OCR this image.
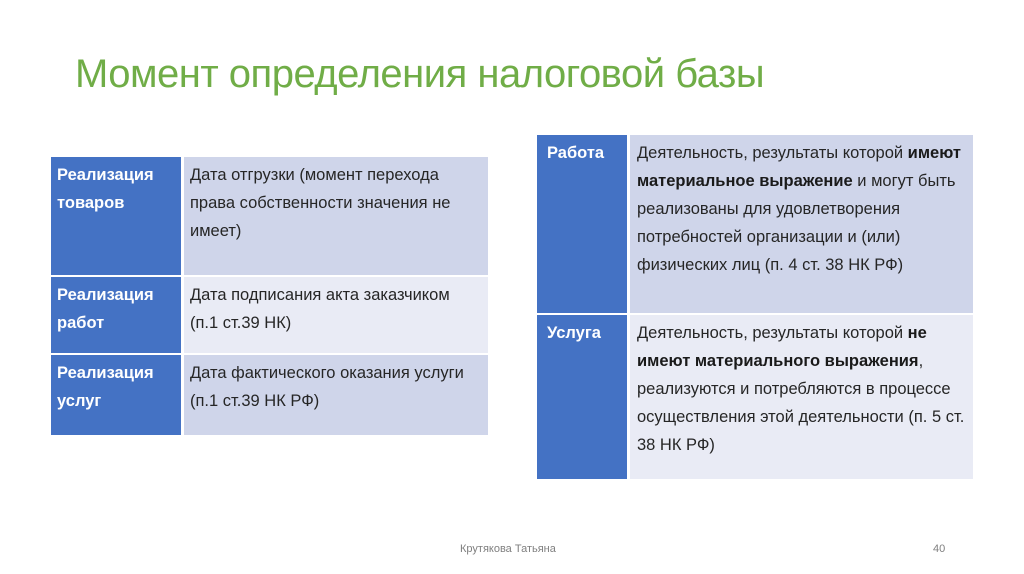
Момент определения налоговой базы
Реализация товаров	Дата отгрузки (момент перехода права собственности значения не имеет)
Реализация работ	Дата подписания акта заказчиком (п.1 ст.39 НК)
Реализация услуг	Дата фактического оказания услуги (п.1 ст.39 НК РФ)
Работа	Деятельность, результаты которой имеют материальное выражение и могут быть реализованы для удовлетворения потребностей организации и (или) физических лиц (п. 4 ст. 38 НК РФ)
Услуга	Деятельность, результаты которой не имеют материального выражения, реализуются и потребляются в процессе осуществления этой деятельности (п. 5 ст. 38 НК РФ)
Крутякова Татьяна	40
